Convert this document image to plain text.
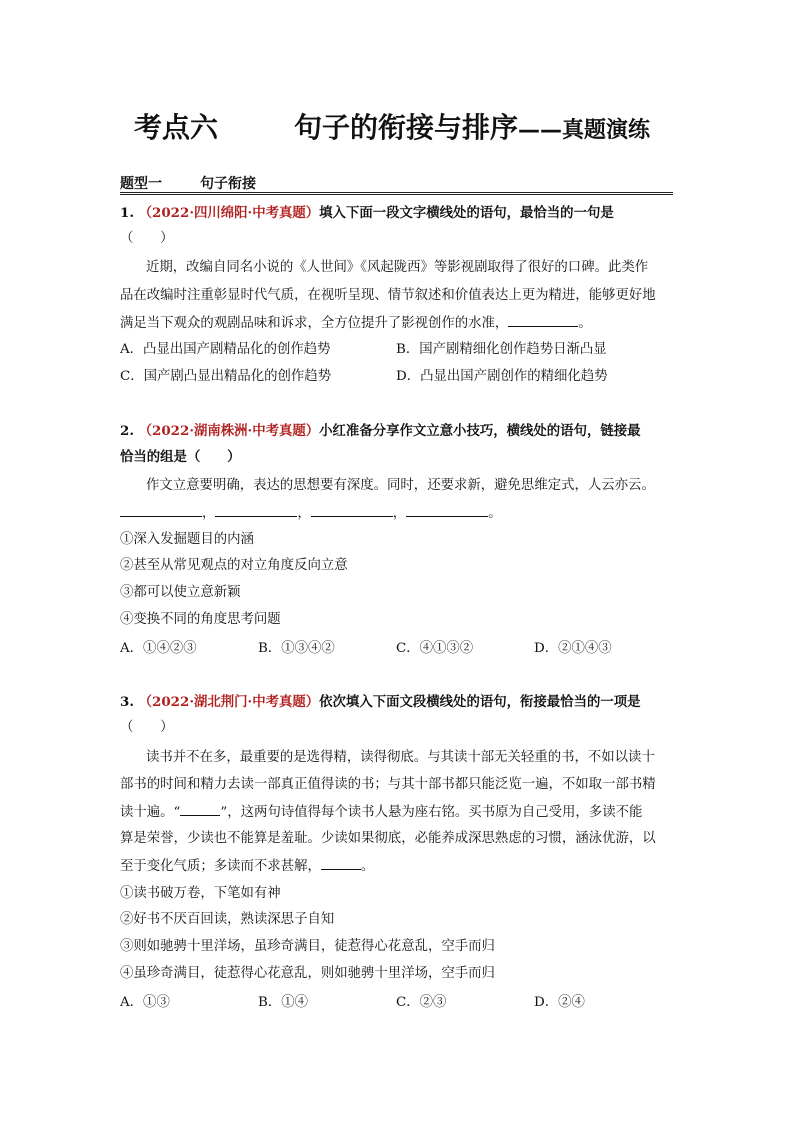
考点六	句子的衔接与排序——真题演练
题型一	句子衔接
1. （2022·四川绵阳·中考真题）填入下面一段文字横线处的语句，最恰当的一句是
（　　）
近期，改编自同名小说的《人世间》《风起陇西》等影视剧取得了很好的口碑。此类作
品在改编时注重彰显时代气质，在视听呈现、情节叙述和价值表达上更为精进，能够更好地
满足当下观众的观剧品味和诉求，全方位提升了影视创作的水准，	。
A．凸显出国产剧精品化的创作趋势	B．国产剧精细化创作趋势日渐凸显
C．国产剧凸显出精品化的创作趋势	D．凸显出国产剧创作的精细化趋势
2. （2022·湖南株洲·中考真题）小红准备分享作文立意小技巧，横线处的语句，链接最
恰当的组是（　　）
作文立意要明确，表达的思想要有深度。同时，还要求新，避免思维定式，人云亦云。
，	，	，	。
①深入发掘题目的内涵
②甚至从常见观点的对立角度反向立意
③都可以使立意新颖
④变换不同的角度思考问题
A．①④②③	B．①③④②	C．④①③②	D．②①④③
3. （2022·湖北荆门·中考真题）依次填入下面文段横线处的语句，衔接最恰当的一项是
（　　）
读书并不在多，最重要的是选得精，读得彻底。与其读十部无关轻重的书，不如以读十
部书的时间和精力去读一部真正值得读的书；与其十部书都只能泛览一遍，不如取一部书精
读十遍。“	”，这两句诗值得每个读书人悬为座右铭。买书原为自己受用，多读不能
算是荣誉，少读也不能算是羞耻。少读如果彻底，必能养成深思熟虑的习惯，涵泳优游，以
至于变化气质；多读而不求甚解，	。
①读书破万卷，下笔如有神
②好书不厌百回读，熟读深思子自知
③则如驰骋十里洋场，虽珍奇满目，徒惹得心花意乱，空手而归
④虽珍奇满目，徒惹得心花意乱，则如驰骋十里洋场，空手而归
A．①③	B．①④	C．②③	D．②④
